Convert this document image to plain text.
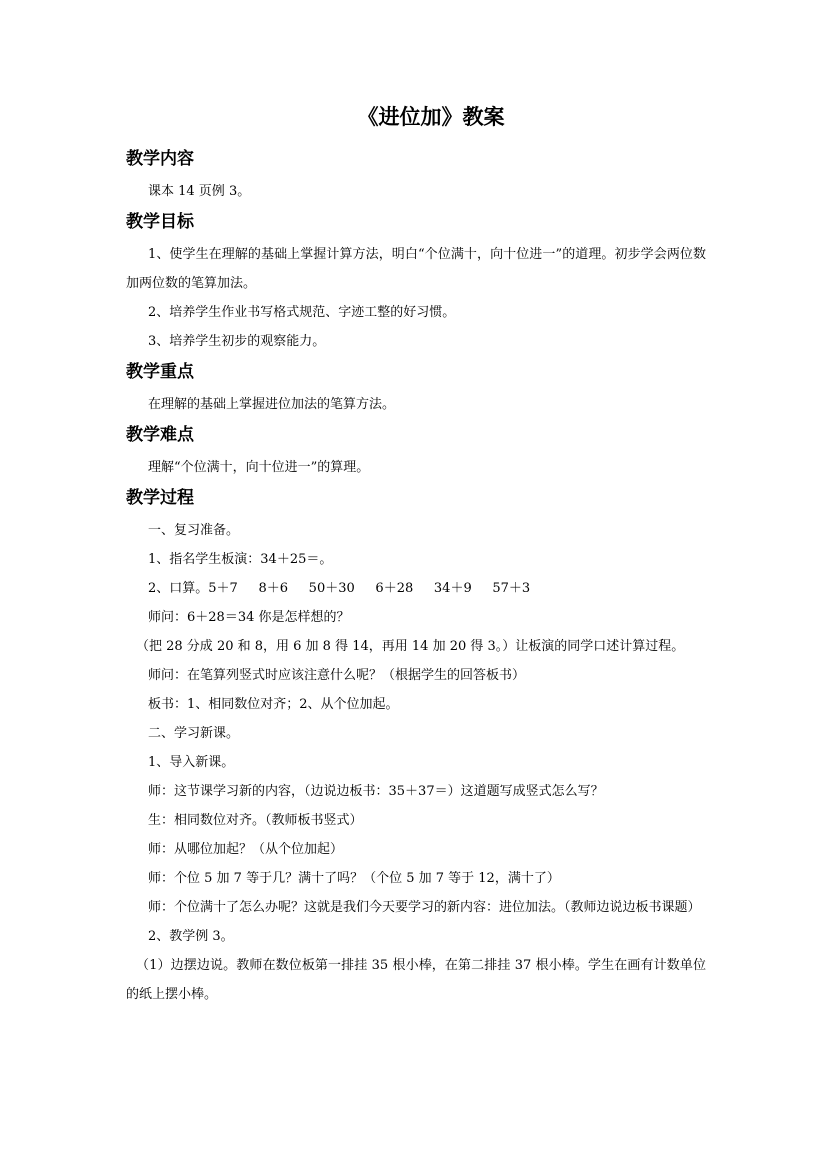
《进位加》教案
教学内容
课本 14 页例 3。
教学目标
1、使学生在理解的基础上掌握计算方法，明白“个位满十，向十位进一”的道理。初步学会两位数加两位数的笔算加法。
2、培养学生作业书写格式规范、字迹工整的好习惯。
3、培养学生初步的观察能力。
教学重点
在理解的基础上掌握进位加法的笔算方法。
教学难点
理解“个位满十，向十位进一”的算理。
教学过程
一、复习准备。
1、指名学生板演：34＋25＝。
2、口算。5＋7     8＋6     50＋30     6＋28     34＋9     57＋3
师问：6＋28＝34 你是怎样想的？
（把 28 分成 20 和 8，用 6 加 8 得 14，再用 14 加 20 得 3。）让板演的同学口述计算过程。
师问：在笔算列竖式时应该注意什么呢？（根据学生的回答板书）
板书：1、相同数位对齐；2、从个位加起。
二、学习新课。
1、导入新课。
师：这节课学习新的内容，（边说边板书：35＋37＝）这道题写成竖式怎么写？
生：相同数位对齐。（教师板书竖式）
师：从哪位加起？（从个位加起）
师：个位 5 加 7 等于几？满十了吗？（个位 5 加 7 等于 12，满十了）
师：个位满十了怎么办呢？这就是我们今天要学习的新内容：进位加法。（教师边说边板书课题）
2、教学例 3。
（1）边摆边说。教师在数位板第一排挂 35 根小棒，在第二排挂 37 根小棒。学生在画有计数单位的纸上摆小棒。
